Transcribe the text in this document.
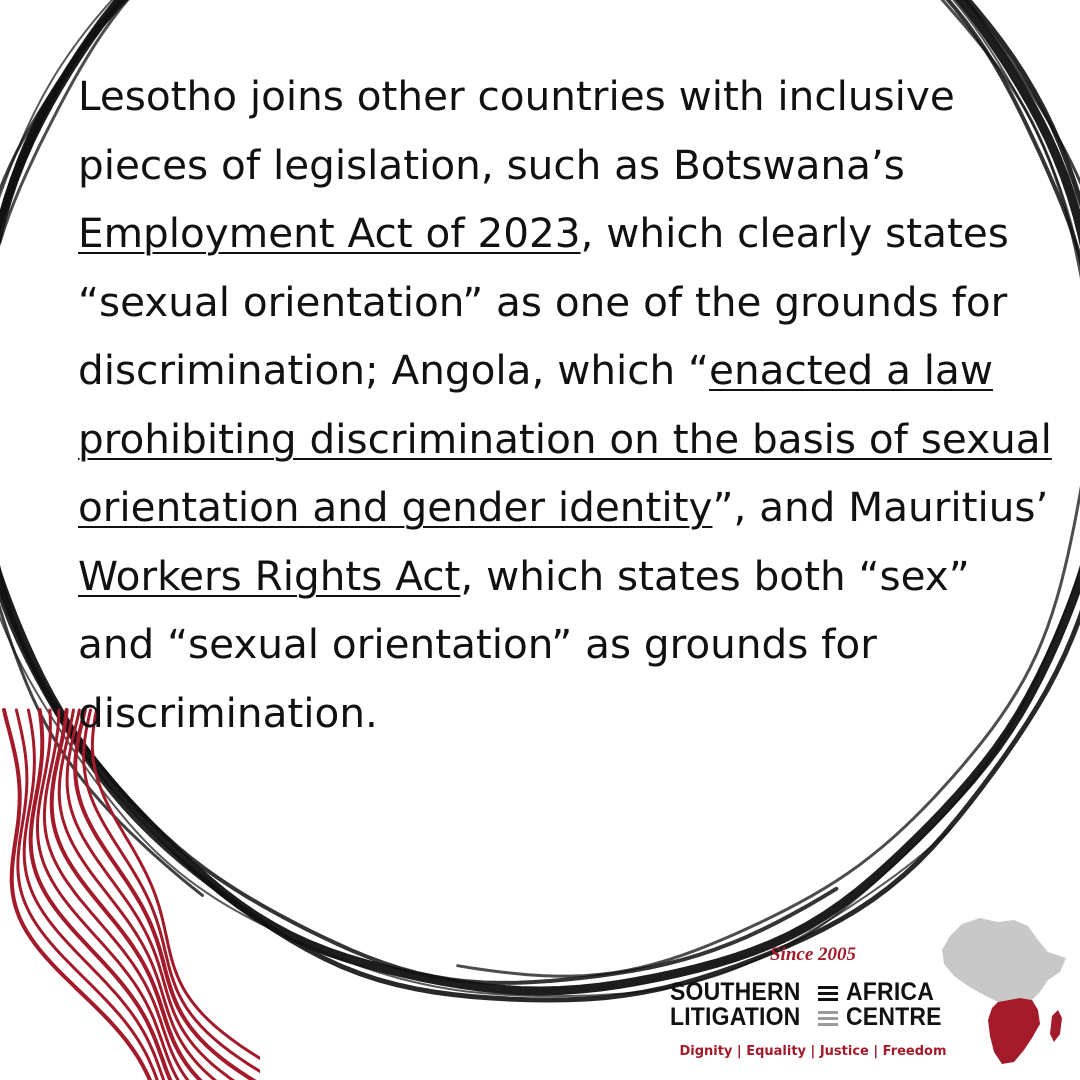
Lesotho joins other countries with inclusive
pieces of legislation, such as Botswana’s
Employment Act of 2023, which clearly states
“sexual orientation” as one of the grounds for
discrimination; Angola, which “enacted a law
prohibiting discrimination on the basis of sexual
orientation and gender identity”, and Mauritius’
Workers Rights Act, which states both “sex”
and “sexual orientation” as grounds for
discrimination.

Since 2005
SOUTHERN AFRICA
LITIGATION CENTRE
Dignity | Equality | Justice | Freedom
